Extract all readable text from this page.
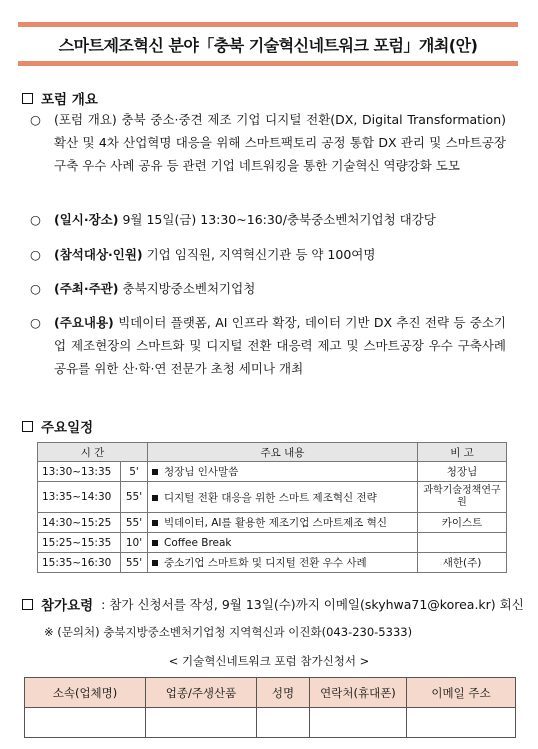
스마트제조혁신 분야「충북 기술혁신네트워크 포럼」개최(안)
포럼 개요
○ (포럼 개요) 충북 중소·중견 제조 기업 디지털 전환(DX, Digital Transformation) 확산 및 4차 산업혁명 대응을 위해 스마트팩토리 공정 통합 DX 관리 및 스마트공장 구축 우수 사례 공유 등 관련 기업 네트워킹을 통한 기술혁신 역량강화 도모
○ (일시·장소) 9월 15일(금) 13:30~16:30/충북중소벤처기업청 대강당
○ (참석대상·인원) 기업 임직원, 지역혁신기관 등 약 100여명
○ (주최·주관) 충북지방중소벤처기업청
○ (주요내용) 빅데이터 플랫폼, AI 인프라 확장, 데이터 기반 DX 추진 전략 등 중소기업 제조현장의 스마트화 및 디지털 전환 대응력 제고 및 스마트공장 우수 구축사례 공유를 위한 산·학·연 전문가 초청 세미나 개최
주요일정
시 간		주요 내용	비 고
13:30~13:35	5'	청장님 인사말씀	청장님
13:35~14:30	55'	디지털 전환 대응을 위한 스마트 제조혁신 전략	과학기술정책연구원
14:30~15:25	55'	빅데이터, AI를 활용한 제조기업 스마트제조 혁신	카이스트
15:25~15:35	10'	Coffee Break	
15:35~16:30	55'	중소기업 스마트화 및 디지털 전환 우수 사례	새한(주)
참가요령 : 참가 신청서를 작성, 9월 13일(수)까지 이메일(skyhwa71@korea.kr) 회신
※ (문의처) 충북지방중소벤처기업청 지역혁신과 이진화(043-230-5333)
< 기술혁신네트워크 포럼 참가신청서 >
소속(업체명)	업종/주생산품	성명	연락처(휴대폰)	이메일 주소
